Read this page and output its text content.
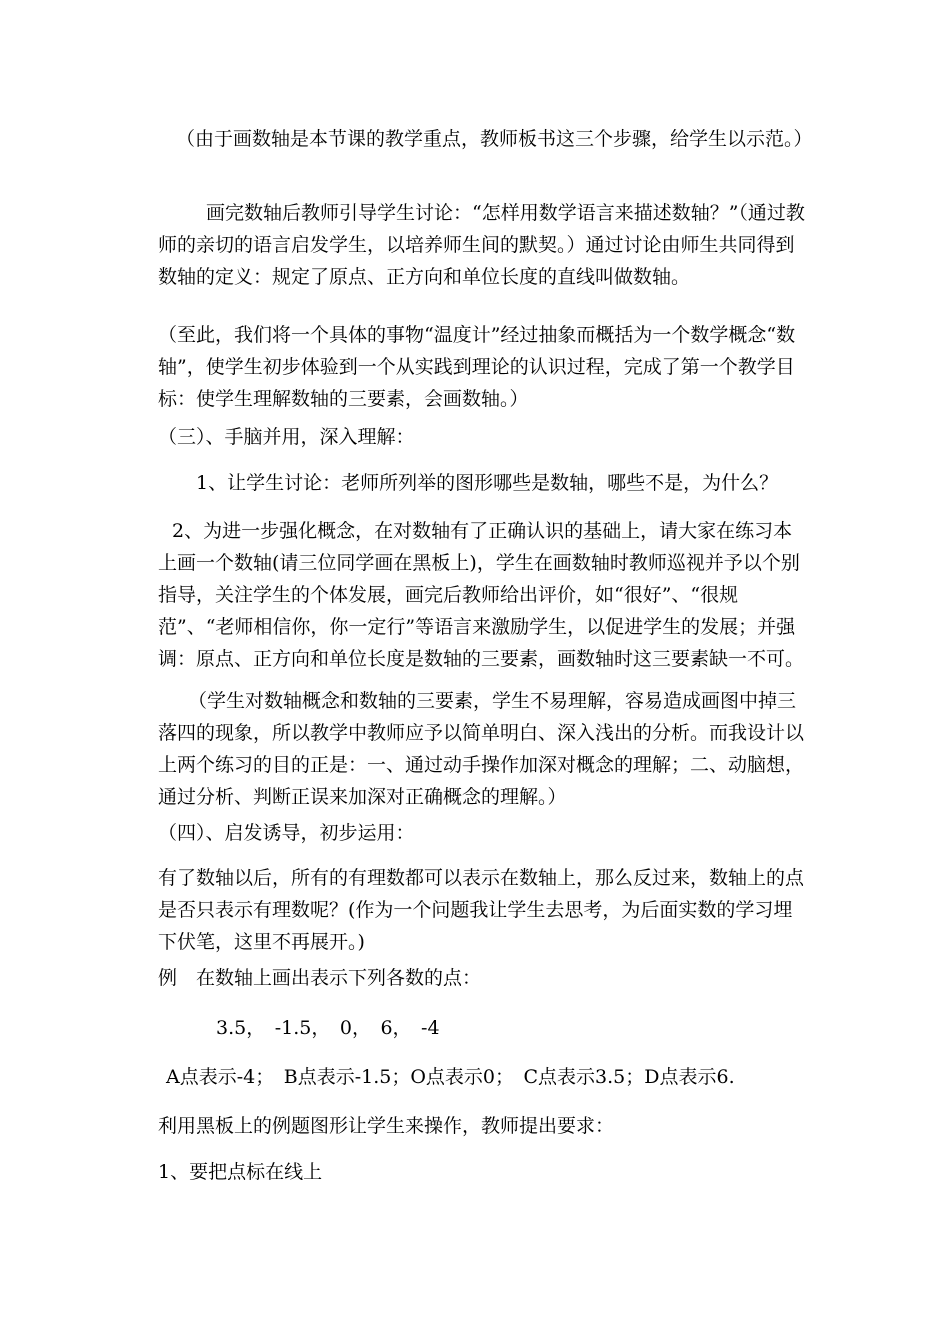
（由于画数轴是本节课的教学重点，教师板书这三个步骤，给学生以示范。）

画完数轴后教师引导学生讨论：“怎样用数学语言来描述数轴？”（通过教师的亲切的语言启发学生，以培养师生间的默契。）通过讨论由师生共同得到数轴的定义：规定了原点、正方向和单位长度的直线叫做数轴。

（至此，我们将一个具体的事物“温度计”经过抽象而概括为一个数学概念“数轴”，使学生初步体验到一个从实践到理论的认识过程，完成了第一个教学目标：使学生理解数轴的三要素，会画数轴。）

（三）、手脑并用，深入理解：

1、让学生讨论：老师所列举的图形哪些是数轴，哪些不是，为什么？

2、为进一步强化概念，在对数轴有了正确认识的基础上，请大家在练习本上画一个数轴(请三位同学画在黑板上)，学生在画数轴时教师巡视并予以个别指导，关注学生的个体发展，画完后教师给出评价，如“很好”、“很规范”、“老师相信你，你一定行”等语言来激励学生，以促进学生的发展；并强调：原点、正方向和单位长度是数轴的三要素，画数轴时这三要素缺一不可。

（学生对数轴概念和数轴的三要素，学生不易理解，容易造成画图中掉三落四的现象，所以教学中教师应予以简单明白、深入浅出的分析。而我设计以上两个练习的目的正是：一、通过动手操作加深对概念的理解；二、动脑想，通过分析、判断正误来加深对正确概念的理解。）

（四）、启发诱导，初步运用：

有了数轴以后，所有的有理数都可以表示在数轴上，那么反过来，数轴上的点是否只表示有理数呢？(作为一个问题我让学生去思考，为后面实数的学习埋下伏笔，这里不再展开。)

例　在数轴上画出表示下列各数的点：

3.5，　-1.5，　0，　6，　-4

A点表示-4；　B点表示-1.5；O点表示0；　C点表示3.5；D点表示6.

利用黑板上的例题图形让学生来操作，教师提出要求：

1、要把点标在线上
